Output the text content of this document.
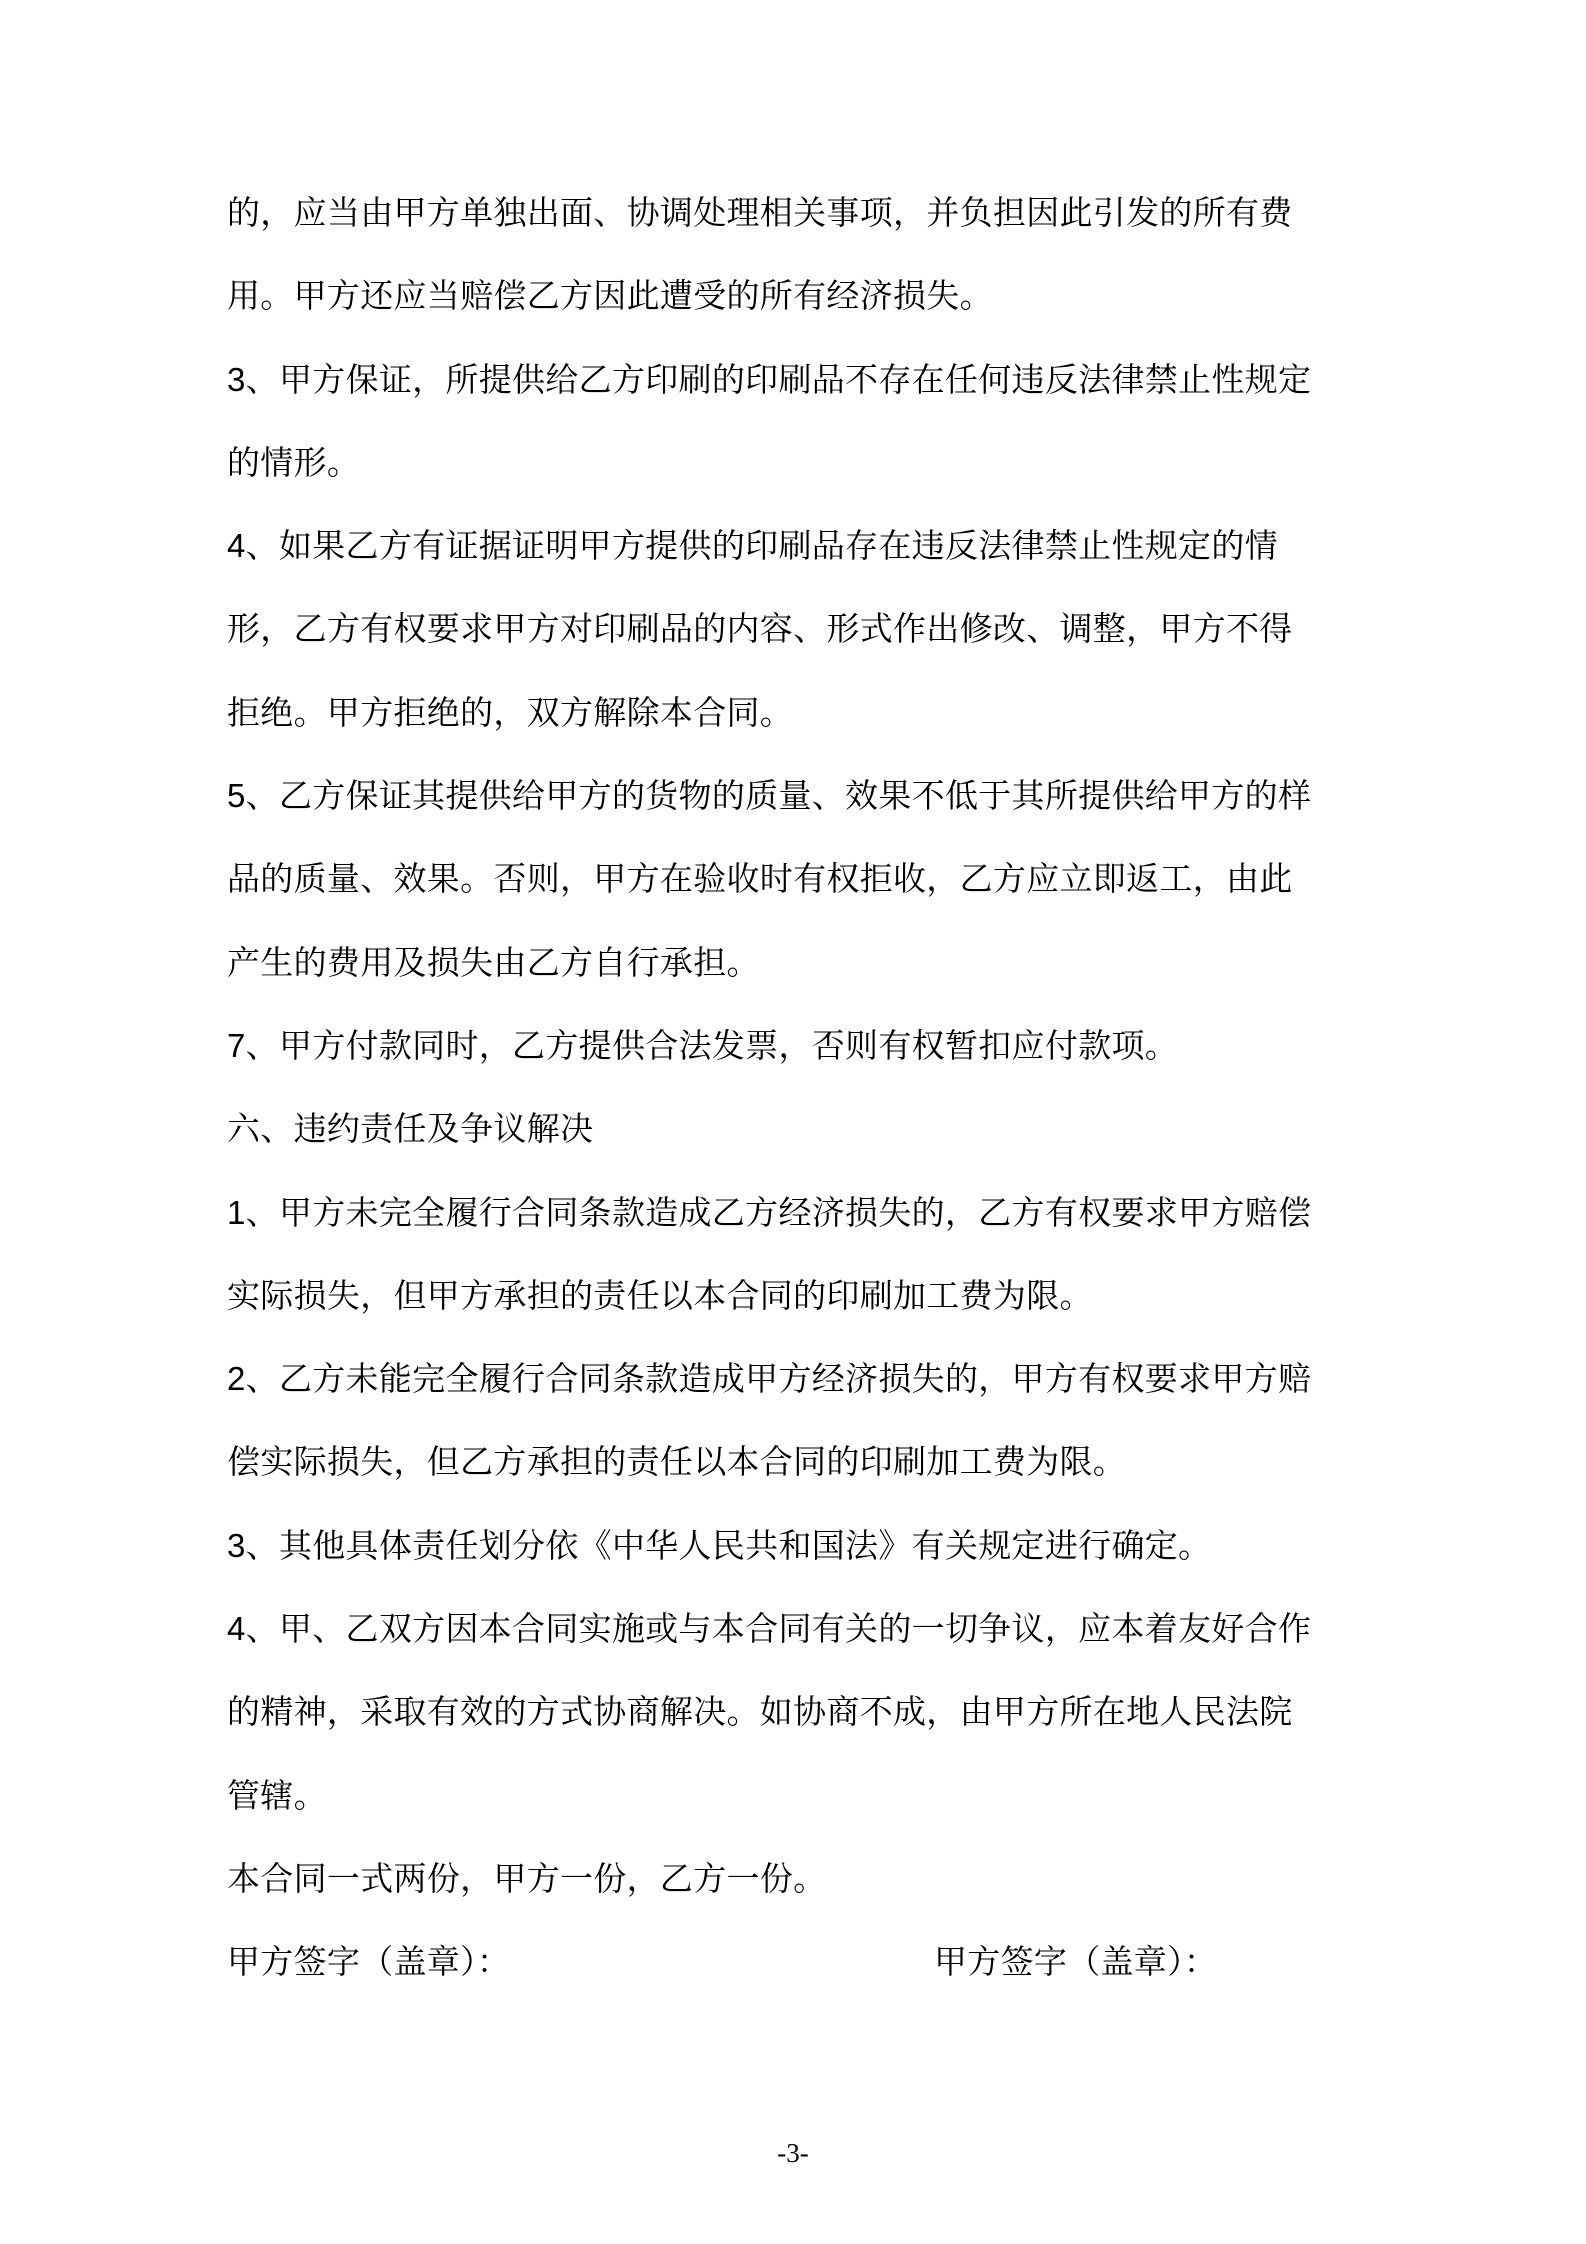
的，应当由甲方单独出面、协调处理相关事项，并负担因此引发的所有费
用。甲方还应当赔偿乙方因此遭受的所有经济损失。
3、甲方保证，所提供给乙方印刷的印刷品不存在任何违反法律禁止性规定
的情形。
4、如果乙方有证据证明甲方提供的印刷品存在违反法律禁止性规定的情
形，乙方有权要求甲方对印刷品的内容、形式作出修改、调整，甲方不得
拒绝。甲方拒绝的，双方解除本合同。
5、乙方保证其提供给甲方的货物的质量、效果不低于其所提供给甲方的样
品的质量、效果。否则，甲方在验收时有权拒收，乙方应立即返工，由此
产生的费用及损失由乙方自行承担。
7、甲方付款同时，乙方提供合法发票，否则有权暂扣应付款项。
六、违约责任及争议解决
1、甲方未完全履行合同条款造成乙方经济损失的，乙方有权要求甲方赔偿
实际损失，但甲方承担的责任以本合同的印刷加工费为限。
2、乙方未能完全履行合同条款造成甲方经济损失的，甲方有权要求甲方赔
偿实际损失，但乙方承担的责任以本合同的印刷加工费为限。
3、其他具体责任划分依《中华人民共和国法》有关规定进行确定。
4、甲、乙双方因本合同实施或与本合同有关的一切争议，应本着友好合作
的精神，采取有效的方式协商解决。如协商不成，由甲方所在地人民法院
管辖。
本合同一式两份，甲方一份，乙方一份。
甲方签字（盖章）：	甲方签字（盖章）：
-3-
